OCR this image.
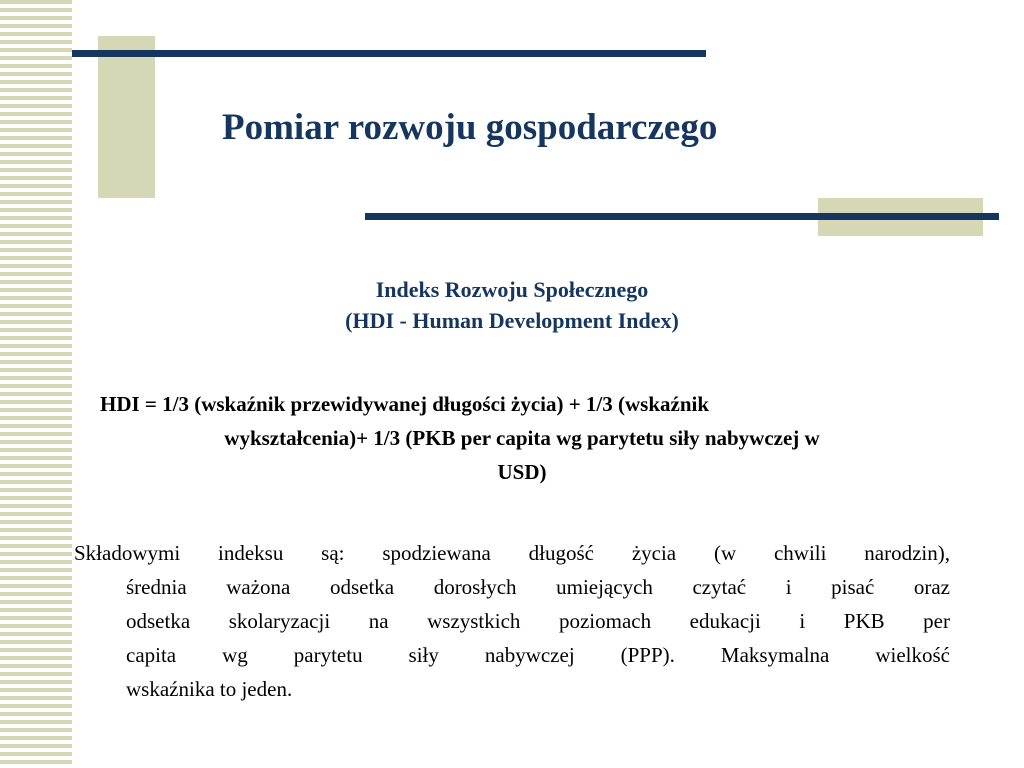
Pomiar rozwoju gospodarczego
Indeks Rozwoju Społecznego
(HDI - Human Development Index)
HDI = 1/3 (wskaźnik przewidywanej długości życia) + 1/3 (wskaźnik
wykształcenia)+ 1/3 (PKB per capita wg parytetu siły nabywczej w
USD)
Składowymi indeksu są: spodziewana długość życia (w chwili narodzin),
średnia ważona odsetka dorosłych umiejących czytać i pisać oraz
odsetka skolaryzacji na wszystkich poziomach edukacji i PKB per
capita wg parytetu siły nabywczej (PPP). Maksymalna wielkość
wskaźnika to jeden.
